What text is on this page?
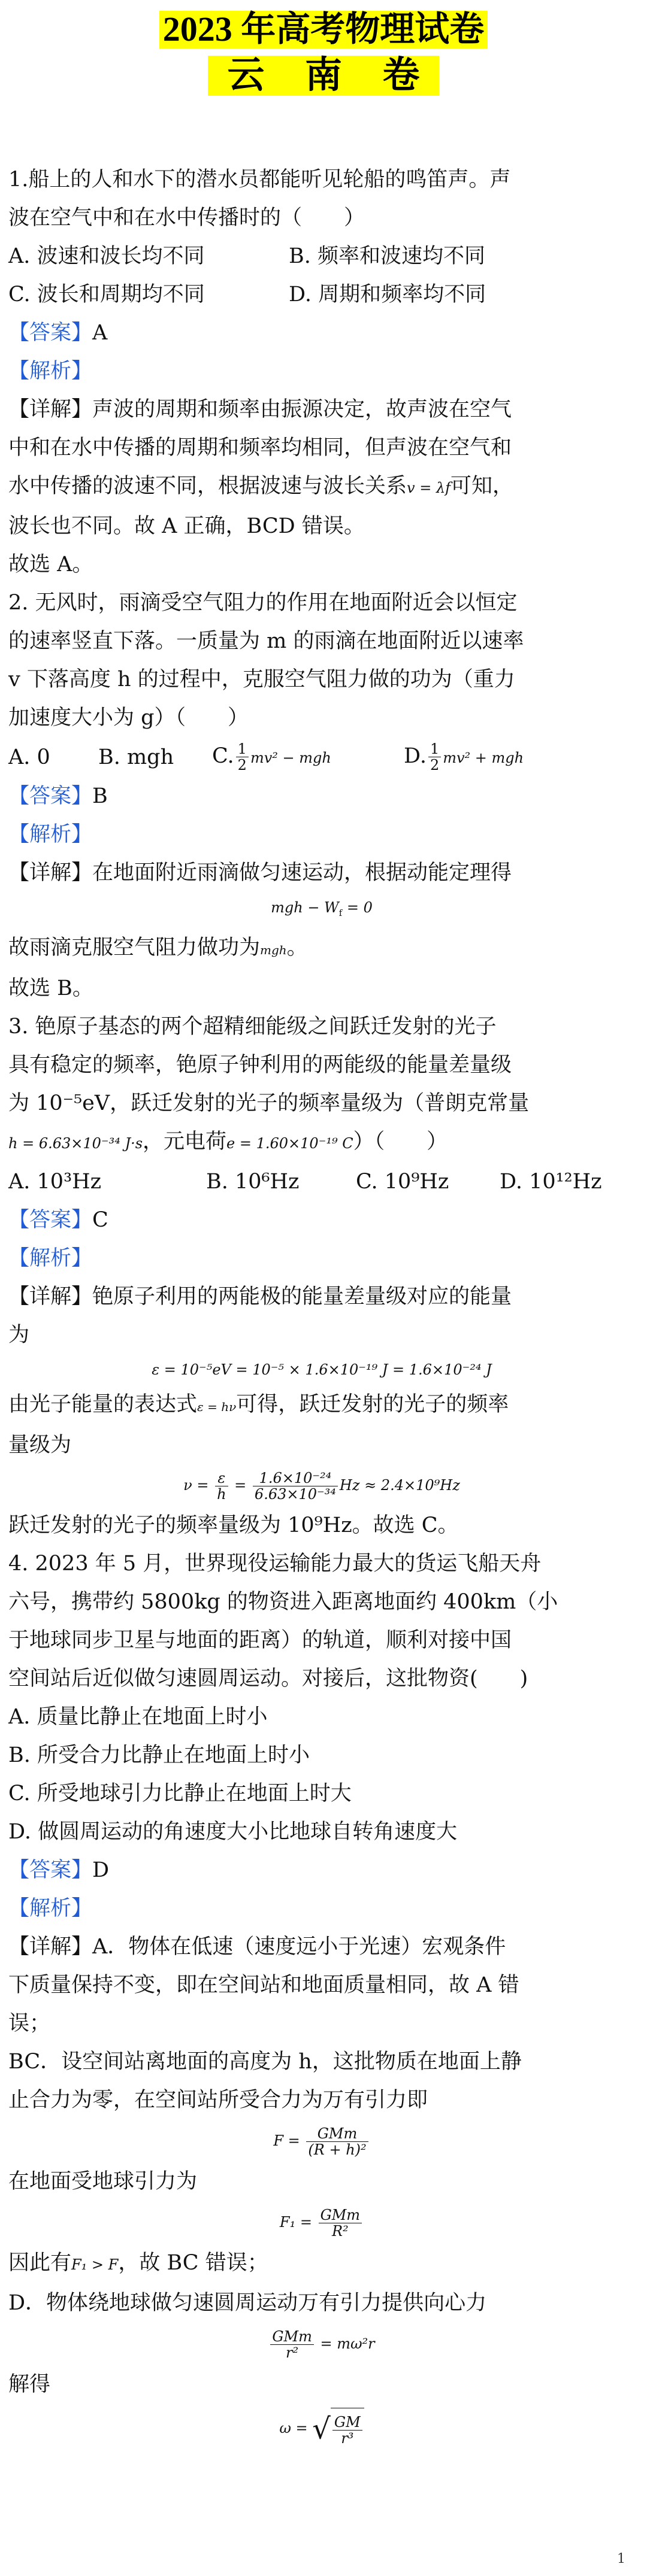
2023 年高考物理试卷
云 南 卷

1.船上的人和水下的潜水员都能听见轮船的鸣笛声。声

波在空气中和在水中传播时的（　　）

A. 波速和波长均不同	B. 频率和波速均不同
C. 波长和周期均不同	D. 周期和频率均不同

【答案】A

【解析】

【详解】声波的周期和频率由振源决定，故声波在空气

中和在水中传播的周期和频率均相同，但声波在空气和

水中传播的波速不同，根据波速与波长关系v = λf可知，

波长也不同。故 A 正确，BCD 错误。

故选 A。

2. 无风时，雨滴受空气阻力的作用在地面附近会以恒定

的速率竖直下落。一质量为 m 的雨滴在地面附近以速率

v 下落高度 h 的过程中，克服空气阻力做的功为（重力

加速度大小为 g）（　　）

A. 0	B. mgh	C. $\frac{1}{2} mv^2$ − mgh	D. $\frac{1}{2} mv^2$ + mgh

【答案】B

【解析】

【详解】在地面附近雨滴做匀速运动，根据动能定理得

mgh − $W_f = 0$

故雨滴克服空气阻力做功为mgh。

故选 B。

3. 铯原子基态的两个超精细能级之间跃迁发射的光子

具有稳定的频率，铯原子钟利用的两能级的能量差量级

为 10⁻⁵eV，跃迁发射的光子的频率量级为（普朗克常量

h = 6.63×10⁻³⁴ J·s，元电荷e = 1.60×10⁻¹⁹ C）（　　）

A. 10³Hz	B. 10⁶Hz	C. 10⁹Hz	D. 10¹²Hz

【答案】C

【解析】

【详解】铯原子利用的两能极的能量差量级对应的能量

为

ε = 10⁻⁵eV = 10⁻⁵ × 1.6×10⁻¹⁹ J = 1.6×10⁻²⁴ J

由光子能量的表达式ε = hν可得，跃迁发射的光子的频率

量级为

$\nu = \frac{\varepsilon}{h} = \frac{\text{1.6×10⁻²⁴}}{\text{6.63×10⁻³⁴}}$ Hz ≈ 2.4×10⁹Hz

跃迁发射的光子的频率量级为 10⁹Hz。故选 C。

4. 2023 年 5 月，世界现役运输能力最大的货运飞船天舟

六号，携带约 5800kg 的物资进入距离地面约 400km（小

于地球同步卫星与地面的距离）的轨道，顺利对接中国

空间站后近似做匀速圆周运动。对接后，这批物资(　　)

A. 质量比静止在地面上时小

B. 所受合力比静止在地面上时小

C. 所受地球引力比静止在地面上时大

D. 做圆周运动的角速度大小比地球自转角速度大

【答案】D

【解析】

【详解】A．物体在低速（速度远小于光速）宏观条件

下质量保持不变，即在空间站和地面质量相同，故 A 错

误；

BC．设空间站离地面的高度为 h，这批物质在地面上静

止合力为零，在空间站所受合力为万有引力即

$F = \frac{\text{GMm}}{\text{(R + h)²}}$

在地面受地球引力为

$F_1 = \frac{\text{GMm}}{\text{R²}}$

因此有F₁ > F，故 BC 错误；

D．物体绕地球做匀速圆周运动万有引力提供向心力

$\frac{\text{GMm}}{\text{r²}} = m\omega^2r$

解得

ω = √ $\frac{GM}{\text{r³}}$
1
